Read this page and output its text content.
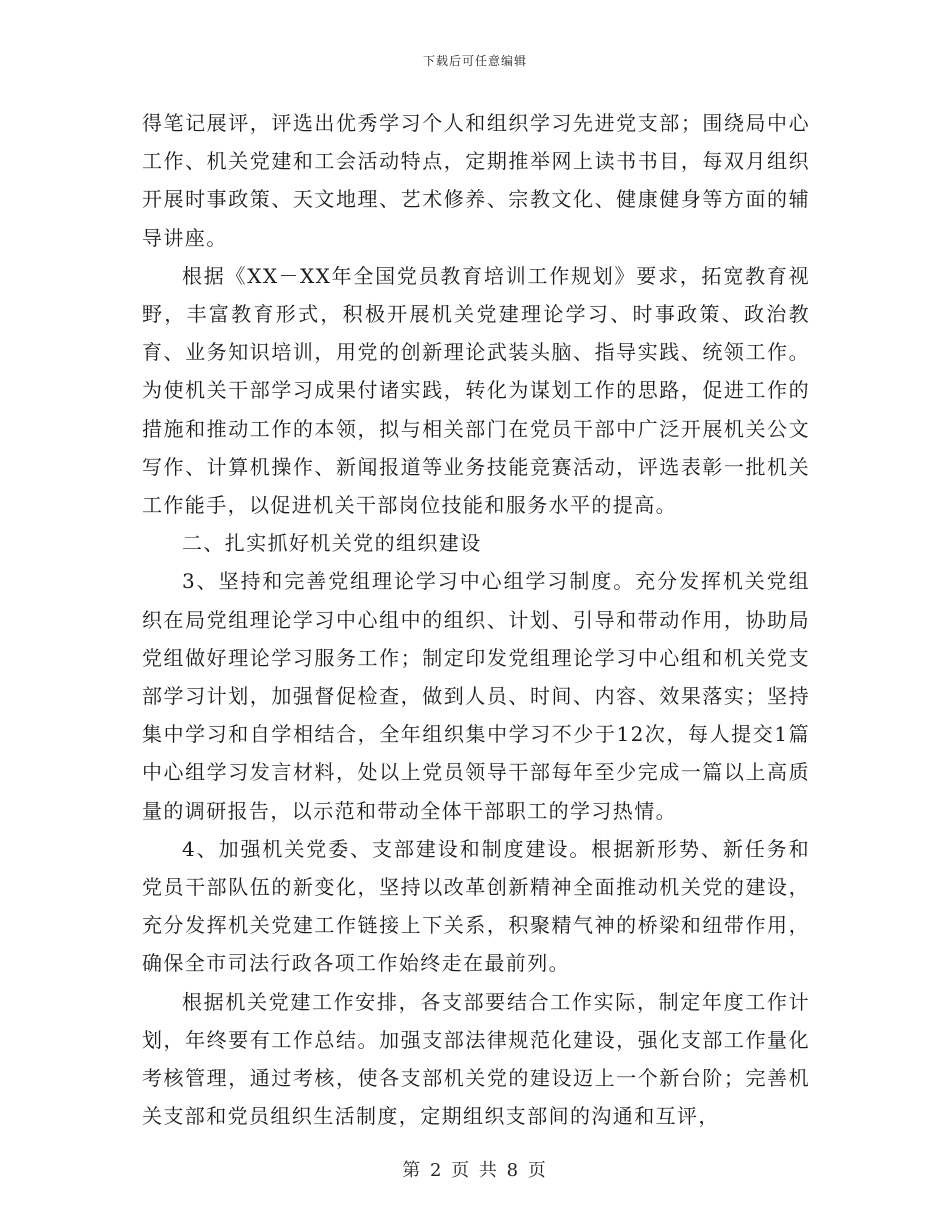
下载后可任意编辑

得笔记展评，评选出优秀学习个人和组织学习先进党支部；围绕局中心工作、机关党建和工会活动特点，定期推举网上读书书目，每双月组织开展时事政策、天文地理、艺术修养、宗教文化、健康健身等方面的辅导讲座。

根据《XX－XX年全国党员教育培训工作规划》要求，拓宽教育视野，丰富教育形式，积极开展机关党建理论学习、时事政策、政治教育、业务知识培训，用党的创新理论武装头脑、指导实践、统领工作。为使机关干部学习成果付诸实践，转化为谋划工作的思路，促进工作的措施和推动工作的本领，拟与相关部门在党员干部中广泛开展机关公文写作、计算机操作、新闻报道等业务技能竞赛活动，评选表彰一批机关工作能手，以促进机关干部岗位技能和服务水平的提高。

二、扎实抓好机关党的组织建设

3、坚持和完善党组理论学习中心组学习制度。充分发挥机关党组织在局党组理论学习中心组中的组织、计划、引导和带动作用，协助局党组做好理论学习服务工作；制定印发党组理论学习中心组和机关党支部学习计划，加强督促检查，做到人员、时间、内容、效果落实；坚持集中学习和自学相结合，全年组织集中学习不少于12次，每人提交1篇中心组学习发言材料，处以上党员领导干部每年至少完成一篇以上高质量的调研报告，以示范和带动全体干部职工的学习热情。

4、加强机关党委、支部建设和制度建设。根据新形势、新任务和党员干部队伍的新变化，坚持以改革创新精神全面推动机关党的建设，充分发挥机关党建工作链接上下关系，积聚精气神的桥梁和纽带作用，确保全市司法行政各项工作始终走在最前列。

根据机关党建工作安排，各支部要结合工作实际，制定年度工作计划，年终要有工作总结。加强支部法律规范化建设，强化支部工作量化考核管理，通过考核，使各支部机关党的建设迈上一个新台阶；完善机关支部和党员组织生活制度，定期组织支部间的沟通和互评，

第 2 页 共 8 页
